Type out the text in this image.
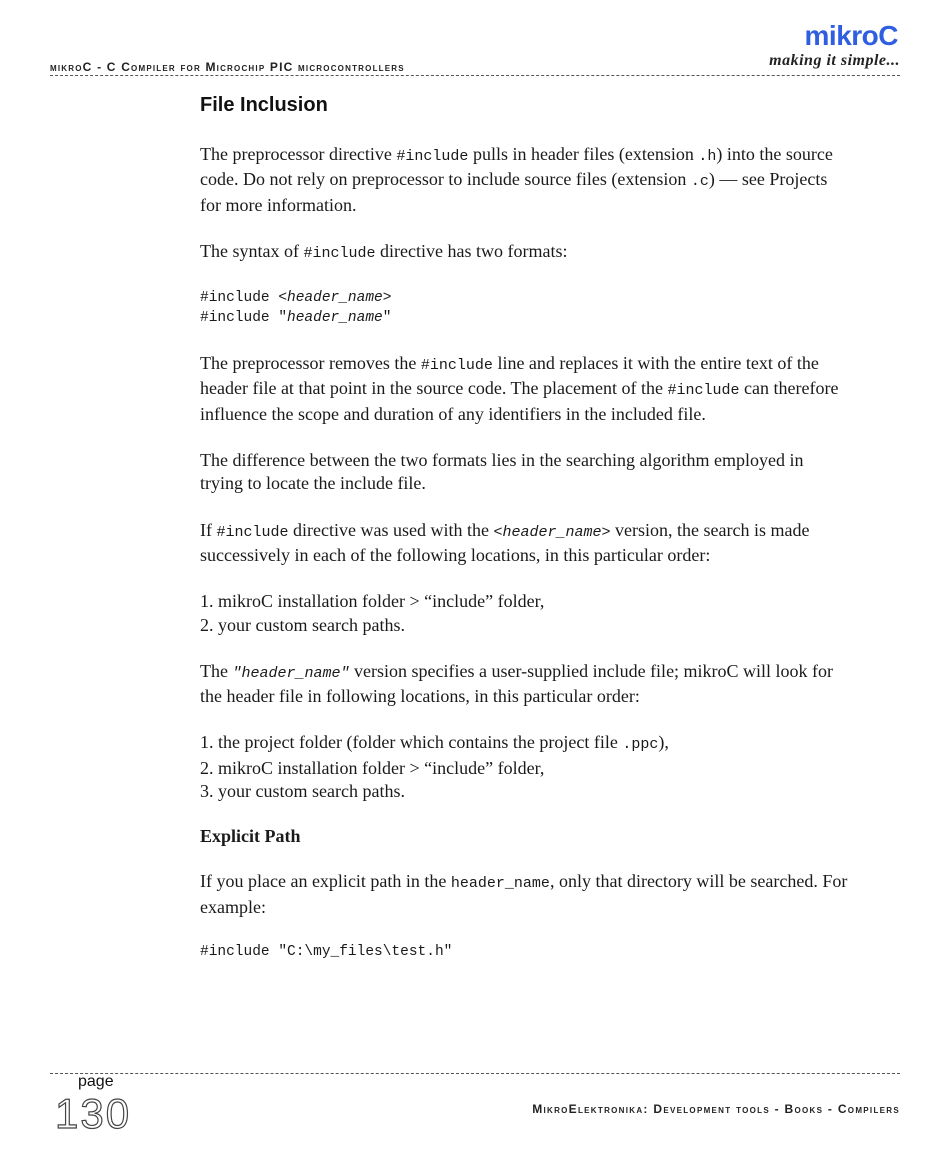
mikroC - C Compiler for Microchip PIC microcontrollers
mikroC
making it simple...
File Inclusion

The preprocessor directive #include pulls in header files (extension .h) into the source code. Do not rely on preprocessor to include source files (extension .c) — see Projects for more information.

The syntax of #include directive has two formats:

#include <header_name>
#include "header_name"

The preprocessor removes the #include line and replaces it with the entire text of the header file at that point in the source code. The placement of the #include can therefore influence the scope and duration of any identifiers in the included file.

The difference between the two formats lies in the searching algorithm employed in trying to locate the include file.

If #include directive was used with the <header_name> version, the search is made successively in each of the following locations, in this particular order:

1. mikroC installation folder > “include” folder,
2. your custom search paths.

The "header_name" version specifies a user-supplied include file; mikroC will look for the header file in following locations, in this particular order:

1. the project folder (folder which contains the project file .ppc),
2. mikroC installation folder > “include” folder,
3. your custom search paths.

Explicit Path

If you place an explicit path in the header_name, only that directory will be searched. For example:

#include "C:\my_files\test.h"
page
130	MikroElektronika: Development tools - Books - Compilers
